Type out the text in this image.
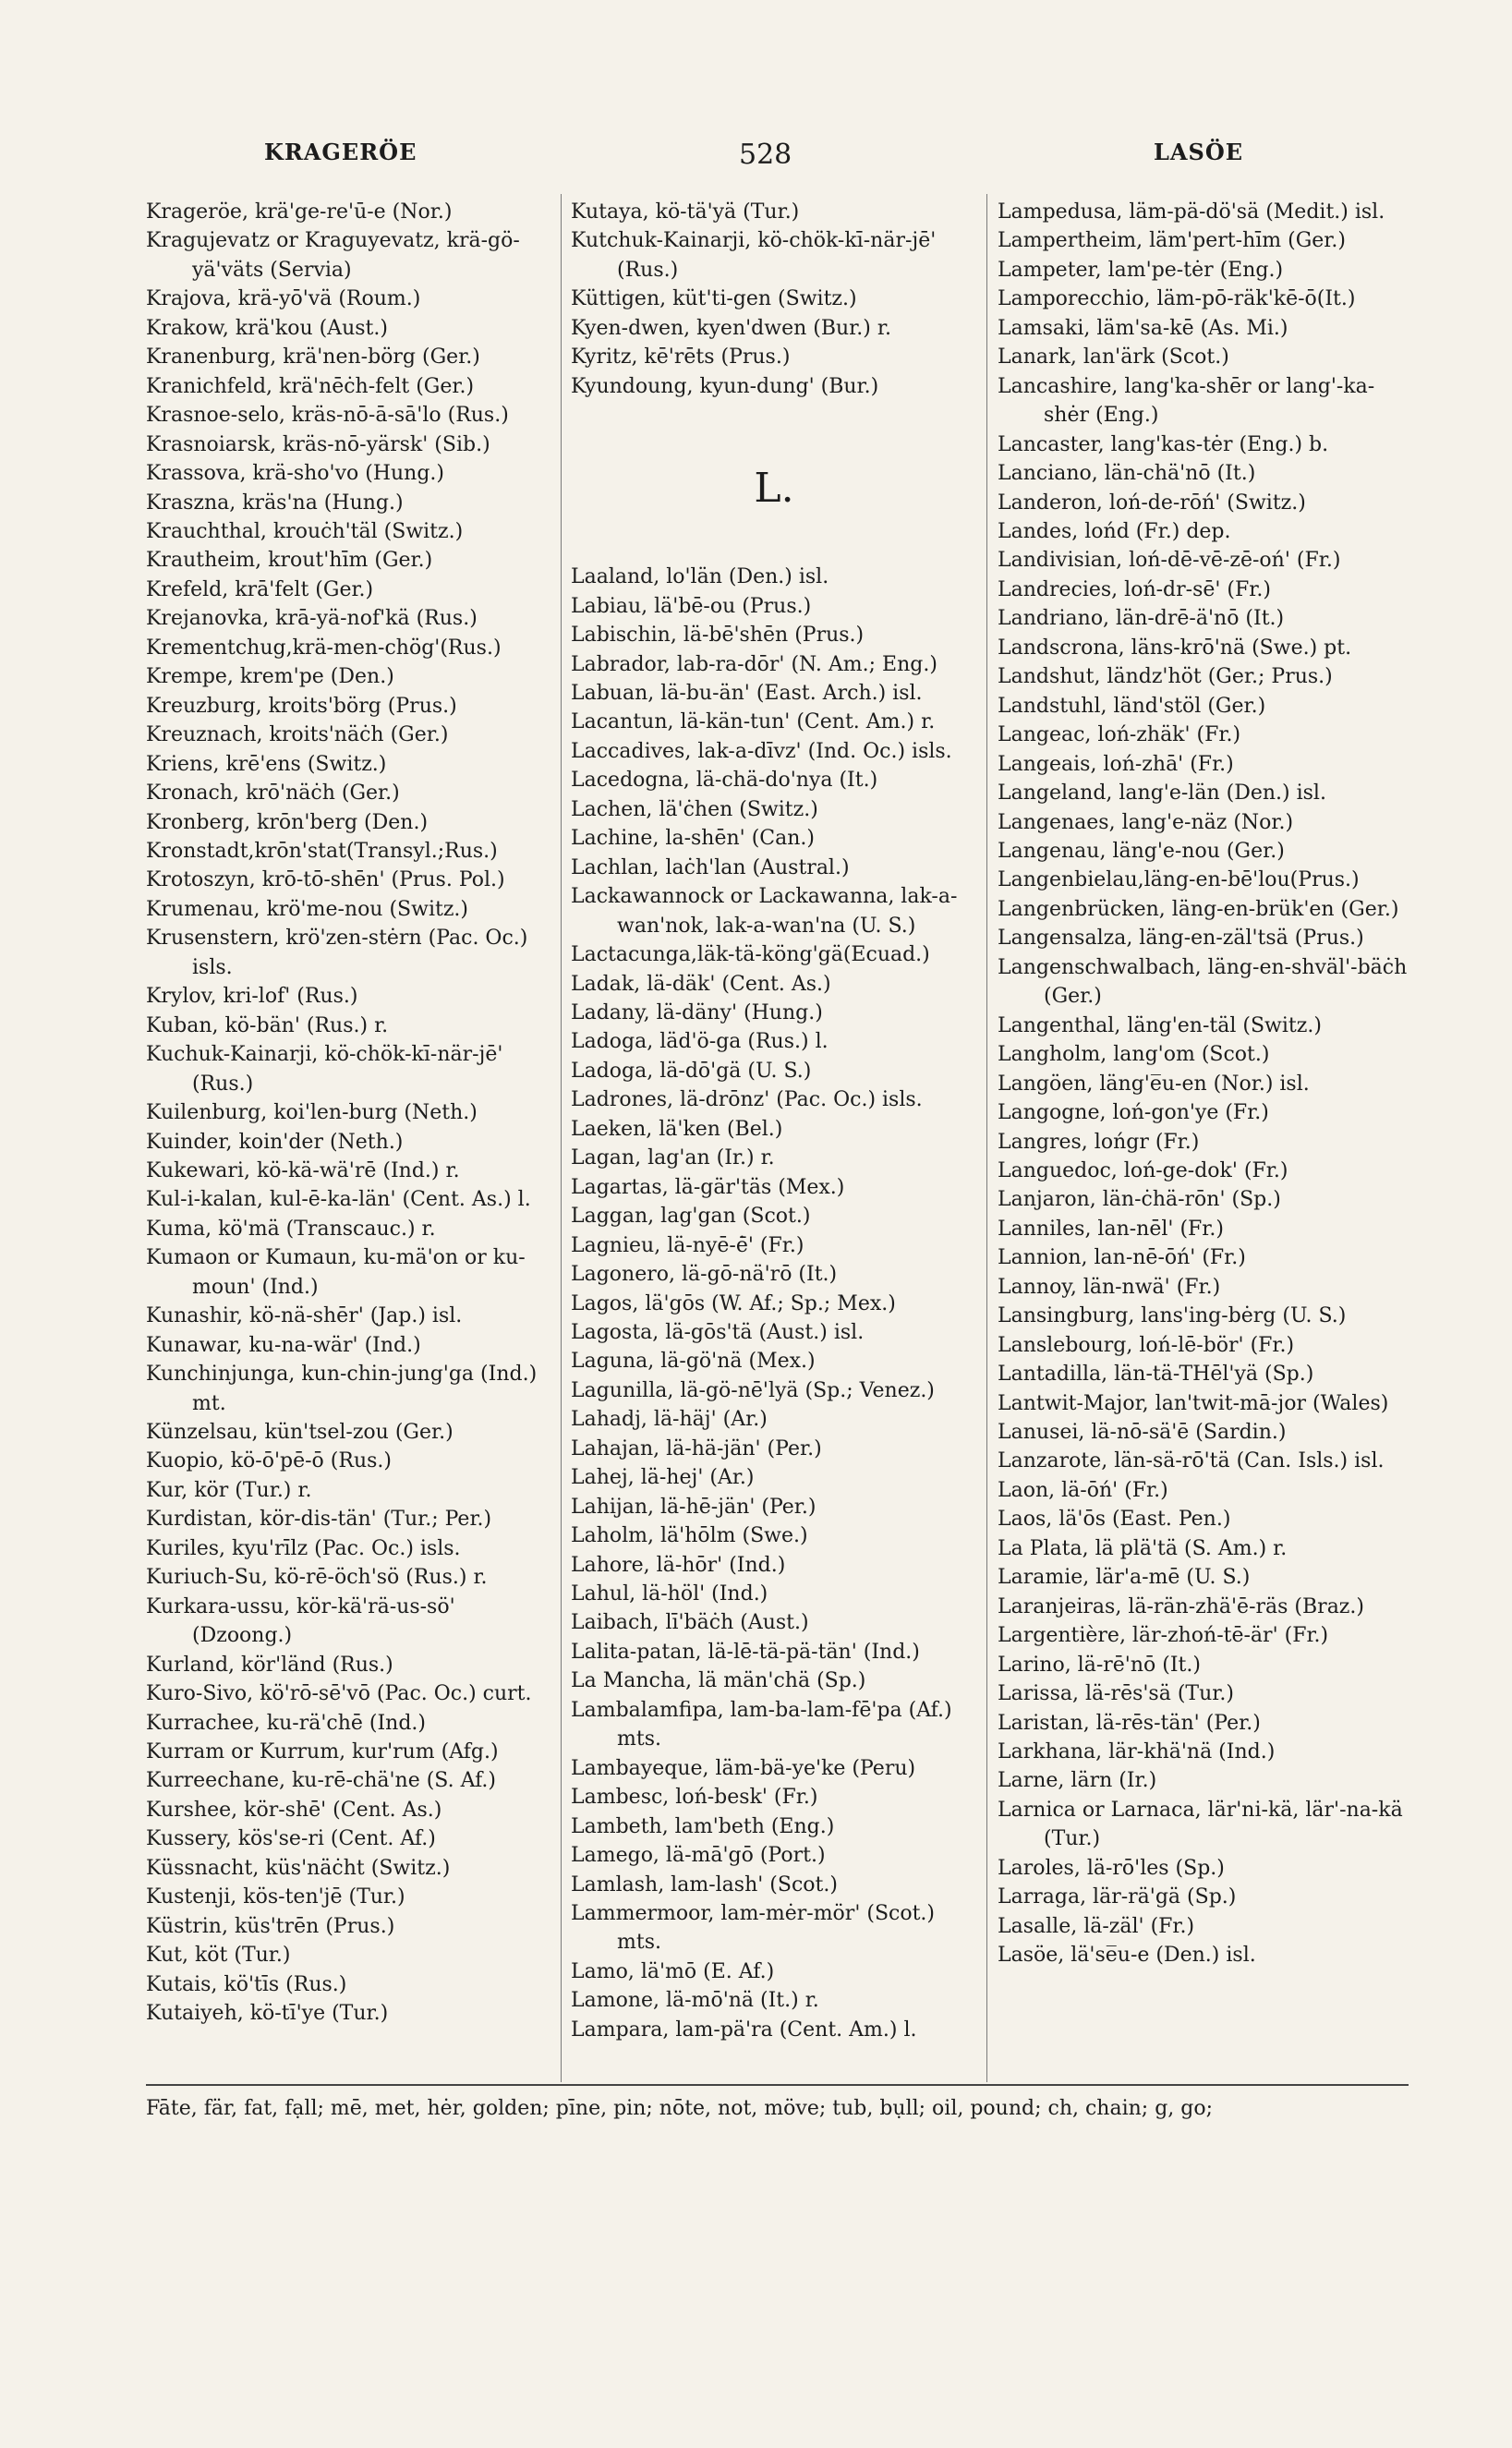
KRAGERÖE	528	LASÖE
Krageröe, krä'ge-re'ū-e (Nor.)
Kragujevatz or Kraguyevatz, krä-gö-yä'väts (Servia)
Krajova, krä-yō'vä (Roum.)
Krakow, krä'kou (Aust.)
Kranenburg, krä'nen-börg (Ger.)
Kranichfeld, krä'nēċh-felt (Ger.)
Krasnoe-selo, kräs-nō-ā-sā'lo (Rus.)
Krasnoiarsk, kräs-nō-yärsk' (Sib.)
Krassova, krä-sho'vo (Hung.)
Kraszna, kräs'na (Hung.)
Krauchthal, krouċh'täl (Switz.)
Krautheim, krout'hīm (Ger.)
Krefeld, krā'felt (Ger.)
Krejanovka, krā-yä-nof'kä (Rus.)
Krementchug,krä-men-chög'(Rus.)
Krempe, krem'pe (Den.)
Kreuzburg, kroits'börg (Prus.)
Kreuznach, kroits'näċh (Ger.)
Kriens, krē'ens (Switz.)
Kronach, krō'näċh (Ger.)
Kronberg, krōn'berg (Den.)
Kronstadt,krōn'stat(Transyl.;Rus.)
Krotoszyn, krō-tō-shēn' (Prus. Pol.)
Krumenau, krö'me-nou (Switz.)
Krusenstern, krö'zen-stėrn (Pac. Oc.) isls.
Krylov, kri-lof' (Rus.)
Kuban, kö-bän' (Rus.) r.
Kuchuk-Kainarji, kö-chök-kī-när-jē' (Rus.)
Kuilenburg, koi'len-burg (Neth.)
Kuinder, koin'der (Neth.)
Kukewari, kö-kä-wä'rē (Ind.) r.
Kul-i-kalan, kul-ē-ka-län' (Cent. As.) l.
Kuma, kö'mä (Transcauc.) r.
Kumaon or Kumaun, ku-mä'on or ku-moun' (Ind.)
Kunashir, kö-nä-shēr' (Jap.) isl.
Kunawar, ku-na-wär' (Ind.)
Kunchinjunga, kun-chin-jung'ga (Ind.) mt.
Künzelsau, kün'tsel-zou (Ger.)
Kuopio, kö-ō'pē-ō (Rus.)
Kur, kör (Tur.) r.
Kurdistan, kör-dis-tän' (Tur.; Per.)
Kuriles, kyu'rīlz (Pac. Oc.) isls.
Kuriuch-Su, kö-rē-öch'sö (Rus.) r.
Kurkara-ussu, kör-kä'rä-us-sö' (Dzoong.)
Kurland, kör'länd (Rus.)
Kuro-Sivo, kö'rō-sē'vō (Pac. Oc.) curt.
Kurrachee, ku-rä'chē (Ind.)
Kurram or Kurrum, kur'rum (Afg.)
Kurreechane, ku-rē-chä'ne (S. Af.)
Kurshee, kör-shē' (Cent. As.)
Kussery, kös'se-ri (Cent. Af.)
Küssnacht, küs'näċht (Switz.)
Kustenji, kös-ten'jē (Tur.)
Küstrin, küs'trēn (Prus.)
Kut, köt (Tur.)
Kutais, kö'tīs (Rus.)
Kutaiyeh, kö-tī'ye (Tur.)
Kutaya, kö-tä'yä (Tur.)
Kutchuk-Kainarji, kö-chök-kī-när-jē' (Rus.)
Küttigen, küt'ti-gen (Switz.)
Kyen-dwen, kyen'dwen (Bur.) r.
Kyritz, kē'rēts (Prus.)
Kyundoung, kyun-dung' (Bur.)
L.
Laaland, lo'län (Den.) isl.
Labiau, lä'bē-ou (Prus.)
Labischin, lä-bē'shēn (Prus.)
Labrador, lab-ra-dōr' (N. Am.; Eng.)
Labuan, lä-bu-än' (East. Arch.) isl.
Lacantun, lä-kän-tun' (Cent. Am.) r.
Laccadives, lak-a-dīvz' (Ind. Oc.) isls.
Lacedogna, lä-chä-do'nya (It.)
Lachen, lä'ċhen (Switz.)
Lachine, la-shēn' (Can.)
Lachlan, laċh'lan (Austral.)
Lackawannock or Lackawanna, lak-a-wan'nok, lak-a-wan'na (U. S.)
Lactacunga,läk-tä-köng'gä(Ecuad.)
Ladak, lä-däk' (Cent. As.)
Ladany, lä-däny' (Hung.)
Ladoga, läd'ö-ga (Rus.) l.
Ladoga, lä-dō'gä (U. S.)
Ladrones, lä-drōnz' (Pac. Oc.) isls.
Laeken, lä'ken (Bel.)
Lagan, lag'an (Ir.) r.
Lagartas, lä-gär'täs (Mex.)
Laggan, lag'gan (Scot.)
Lagnieu, lä-nyē-ė̄' (Fr.)
Lagonero, lä-gō-nä'rō (It.)
Lagos, lä'gōs (W. Af.; Sp.; Mex.)
Lagosta, lä-gōs'tä (Aust.) isl.
Laguna, lä-gö'nä (Mex.)
Lagunilla, lä-gö-nē'lyä (Sp.; Venez.)
Lahadj, lä-häj' (Ar.)
Lahajan, lä-hä-jän' (Per.)
Lahej, lä-hej' (Ar.)
Lahijan, lä-hē-jän' (Per.)
Laholm, lä'hōlm (Swe.)
Lahore, lä-hōr' (Ind.)
Lahul, lä-höl' (Ind.)
Laibach, lī'bäċh (Aust.)
Lalita-patan, lä-lē-tä-pä-tän' (Ind.)
La Mancha, lä män'chä (Sp.)
Lambalamfipa, lam-ba-lam-fē'pa (Af.) mts.
Lambayeque, läm-bä-ye'ke (Peru)
Lambesc, loń-besk' (Fr.)
Lambeth, lam'beth (Eng.)
Lamego, lä-mā'gō (Port.)
Lamlash, lam-lash' (Scot.)
Lammermoor, lam-mėr-mör' (Scot.) mts.
Lamo, lä'mō (E. Af.)
Lamone, lä-mō'nä (It.) r.
Lampara, lam-pä'ra (Cent. Am.) l.
Lampedusa, läm-pä-dö'sä (Medit.) isl.
Lampertheim, läm'pert-hīm (Ger.)
Lampeter, lam'pe-tėr (Eng.)
Lamporecchio, läm-pō-räk'kē-ō(It.)
Lamsaki, läm'sa-kē (As. Mi.)
Lanark, lan'ärk (Scot.)
Lancashire, lang'ka-shēr or lang'-ka-shėr (Eng.)
Lancaster, lang'kas-tėr (Eng.) b.
Lanciano, län-chä'nō (It.)
Landeron, loń-de-rōń' (Switz.)
Landes, lońd (Fr.) dep.
Landivisian, loń-dē-vē-zē-oń' (Fr.)
Landrecies, loń-dr-sē' (Fr.)
Landriano, län-drē-ä'nō (It.)
Landscrona, läns-krō'nä (Swe.) pt.
Landshut, ländz'höt (Ger.; Prus.)
Landstuhl, länd'stöl (Ger.)
Langeac, loń-zhäk' (Fr.)
Langeais, loń-zhā' (Fr.)
Langeland, lang'e-län (Den.) isl.
Langenaes, lang'e-näz (Nor.)
Langenau, läng'e-nou (Ger.)
Langenbielau,läng-en-bē'lou(Prus.)
Langenbrücken, läng-en-brük'en (Ger.)
Langensalza, läng-en-zäl'tsä (Prus.)
Langenschwalbach, läng-en-shväl'-bäċh (Ger.)
Langenthal, läng'en-täl (Switz.)
Langholm, lang'om (Scot.)
Langöen, läng'e̅u-en (Nor.) isl.
Langogne, loń-gon'ye (Fr.)
Langres, lońgr (Fr.)
Languedoc, loń-ge-dok' (Fr.)
Lanjaron, län-ċhä-rōn' (Sp.)
Lanniles, lan-nēl' (Fr.)
Lannion, lan-nē-ōń' (Fr.)
Lannoy, län-nwä' (Fr.)
Lansingburg, lans'ing-bėrg (U. S.)
Lanslebourg, loń-lē-bör' (Fr.)
Lantadilla, län-tä-THēl'yä (Sp.)
Lantwit-Major, lan'twit-mā-jor (Wales)
Lanusei, lä-nō-sä'ē (Sardin.)
Lanzarote, län-sä-rō'tä (Can. Isls.) isl.
Laon, lä-ōń' (Fr.)
Laos, lä'ōs (East. Pen.)
La Plata, lä plä'tä (S. Am.) r.
Laramie, lär'a-mē (U. S.)
Laranjeiras, lä-rän-zhä'ē-räs (Braz.)
Largentière, lär-zhoń-tē-är' (Fr.)
Larino, lä-rē'nō (It.)
Larissa, lä-rēs'sä (Tur.)
Laristan, lä-rēs-tän' (Per.)
Larkhana, lär-khä'nä (Ind.)
Larne, lärn (Ir.)
Larnica or Larnaca, lär'ni-kä, lär'-na-kä (Tur.)
Laroles, lä-rō'les (Sp.)
Larraga, lär-rä'gä (Sp.)
Lasalle, lä-zäl' (Fr.)
Lasöe, lä'se̅u-e (Den.) isl.
Fāte, fär, fat, fạll; mē, met, hėr, golden; pīne, pin; nōte, not, möve; tub, bụll; oil, pound; ch, chain; g, go;
